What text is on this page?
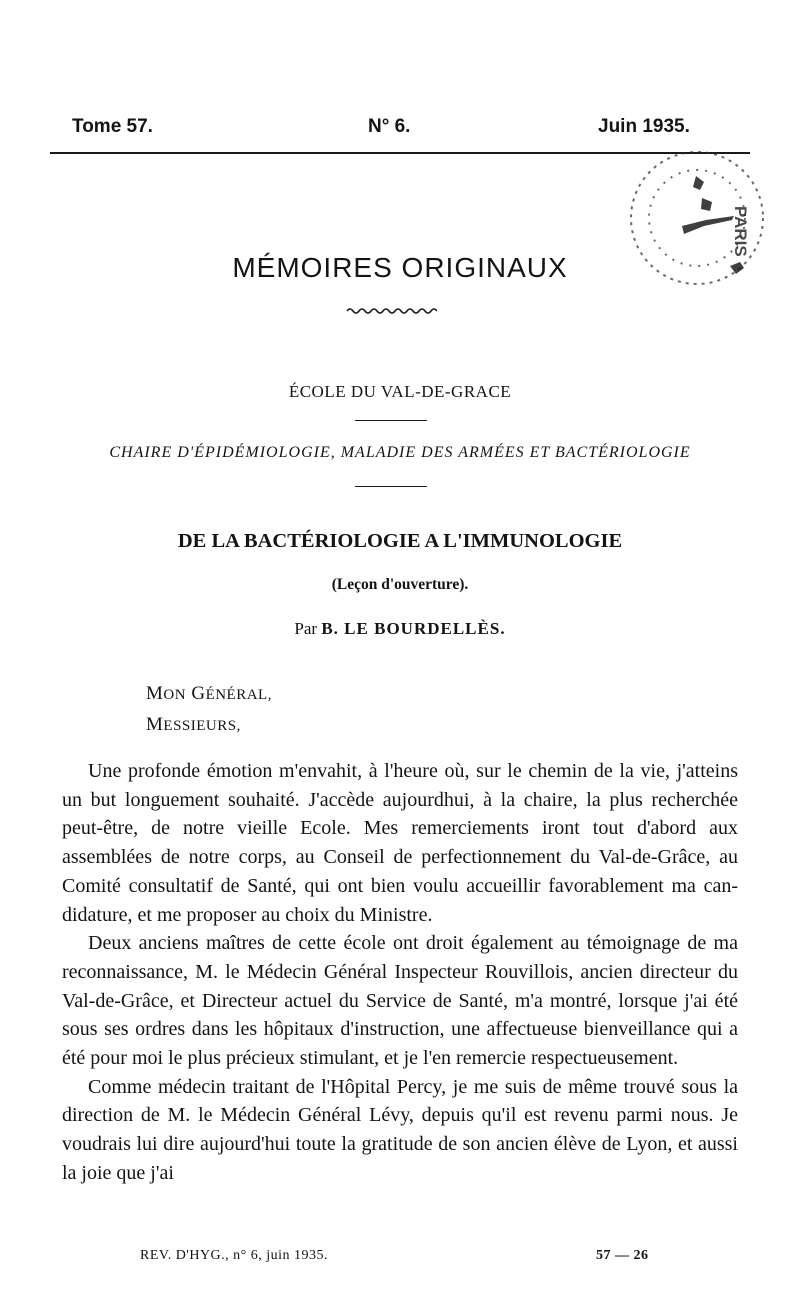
Tome 57.	N° 6.	Juin 1935.
PARIS
MÉMOIRES ORIGINAUX
ÉCOLE DU VAL-DE-GRACE
CHAIRE D'ÉPIDÉMIOLOGIE, MALADIE DES ARMÉES ET BACTÉRIOLOGIE
DE LA BACTÉRIOLOGIE A L'IMMUNOLOGIE
(Leçon d'ouverture).
Par B. LE BOURDELLÈS.
MON GÉNÉRAL,
MESSIEURS,

Une profonde émotion m'envahit, à l'heure où, sur le chemin de la vie, j'atteins un but longuement souhaité. J'accède aujourdhui, à la chaire, la plus recherchée peut-être, de notre vieille Ecole. Mes remerciements iront tout d'abord aux assemblées de notre corps, au Conseil de perfectionnement du Val-de-Grâce, au Comité consultatif de Santé, qui ont bien voulu accueillir favorablement ma candidature, et me proposer au choix du Ministre.

Deux anciens maîtres de cette école ont droit également au témoignage de ma reconnaissance, M. le Médecin Général Inspecteur Rouvillois, ancien directeur du Val-de-Grâce, et Directeur actuel du Service de Santé, m'a montré, lorsque j'ai été sous ses ordres dans les hôpitaux d'instruction, une affectueuse bienveillance qui a été pour moi le plus précieux stimulant, et je l'en remercie respectueusement.

Comme médecin traitant de l'Hôpital Percy, je me suis de même trouvé sous la direction de M. le Médecin Général Lévy, depuis qu'il est revenu parmi nous. Je voudrais lui dire aujourd'hui toute la gratitude de son ancien élève de Lyon, et aussi la joie que j'ai

REV. D'HYG., n° 6, juin 1935.	57 — 26
